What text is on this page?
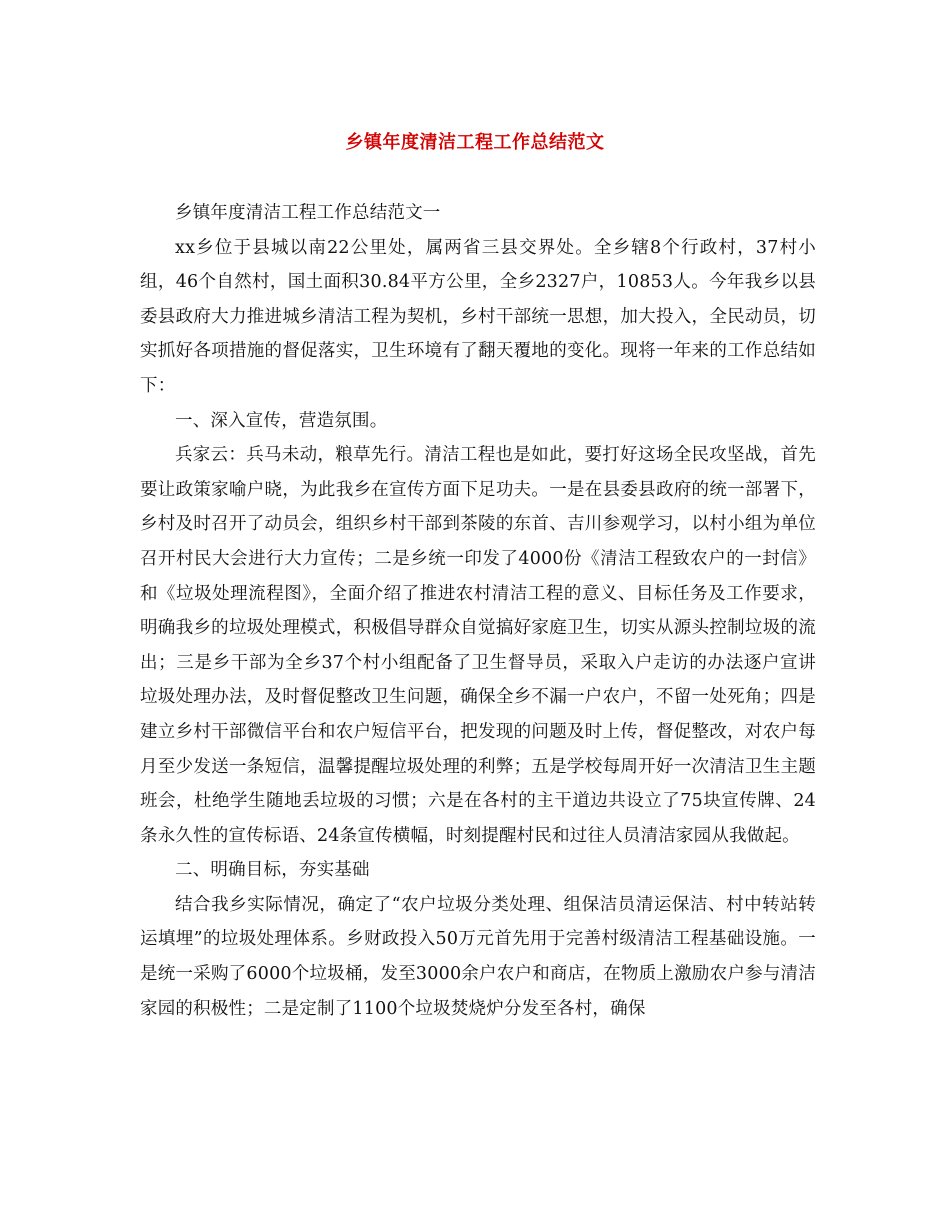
乡镇年度清洁工程工作总结范文

乡镇年度清洁工程工作总结范文一

xx乡位于县城以南22公里处，属两省三县交界处。全乡辖8个行政村，37村小组，46个自然村，国土面积30.84平方公里，全乡2327户，10853人。今年我乡以县委县政府大力推进城乡清洁工程为契机，乡村干部统一思想，加大投入，全民动员，切实抓好各项措施的督促落实，卫生环境有了翻天覆地的变化。现将一年来的工作总结如下：

一、深入宣传，营造氛围。

兵家云：兵马未动，粮草先行。清洁工程也是如此，要打好这场全民攻坚战，首先要让政策家喻户晓，为此我乡在宣传方面下足功夫。一是在县委县政府的统一部署下，乡村及时召开了动员会，组织乡村干部到茶陵的东首、吉川参观学习，以村小组为单位召开村民大会进行大力宣传；二是乡统一印发了4000份《清洁工程致农户的一封信》和《垃圾处理流程图》，全面介绍了推进农村清洁工程的意义、目标任务及工作要求，明确我乡的垃圾处理模式，积极倡导群众自觉搞好家庭卫生，切实从源头控制垃圾的流出；三是乡干部为全乡37个村小组配备了卫生督导员，采取入户走访的办法逐户宣讲垃圾处理办法，及时督促整改卫生问题，确保全乡不漏一户农户，不留一处死角；四是建立乡村干部微信平台和农户短信平台，把发现的问题及时上传，督促整改，对农户每月至少发送一条短信，温馨提醒垃圾处理的利弊；五是学校每周开好一次清洁卫生主题班会，杜绝学生随地丢垃圾的习惯；六是在各村的主干道边共设立了75块宣传牌、24条永久性的宣传标语、24条宣传横幅，时刻提醒村民和过往人员清洁家园从我做起。

二、明确目标，夯实基础

结合我乡实际情况，确定了“农户垃圾分类处理、组保洁员清运保洁、村中转站转运填埋”的垃圾处理体系。乡财政投入50万元首先用于完善村级清洁工程基础设施。一是统一采购了6000个垃圾桶，发至3000余户农户和商店，在物质上激励农户参与清洁家园的积极性；二是定制了1100个垃圾焚烧炉分发至各村，确保
